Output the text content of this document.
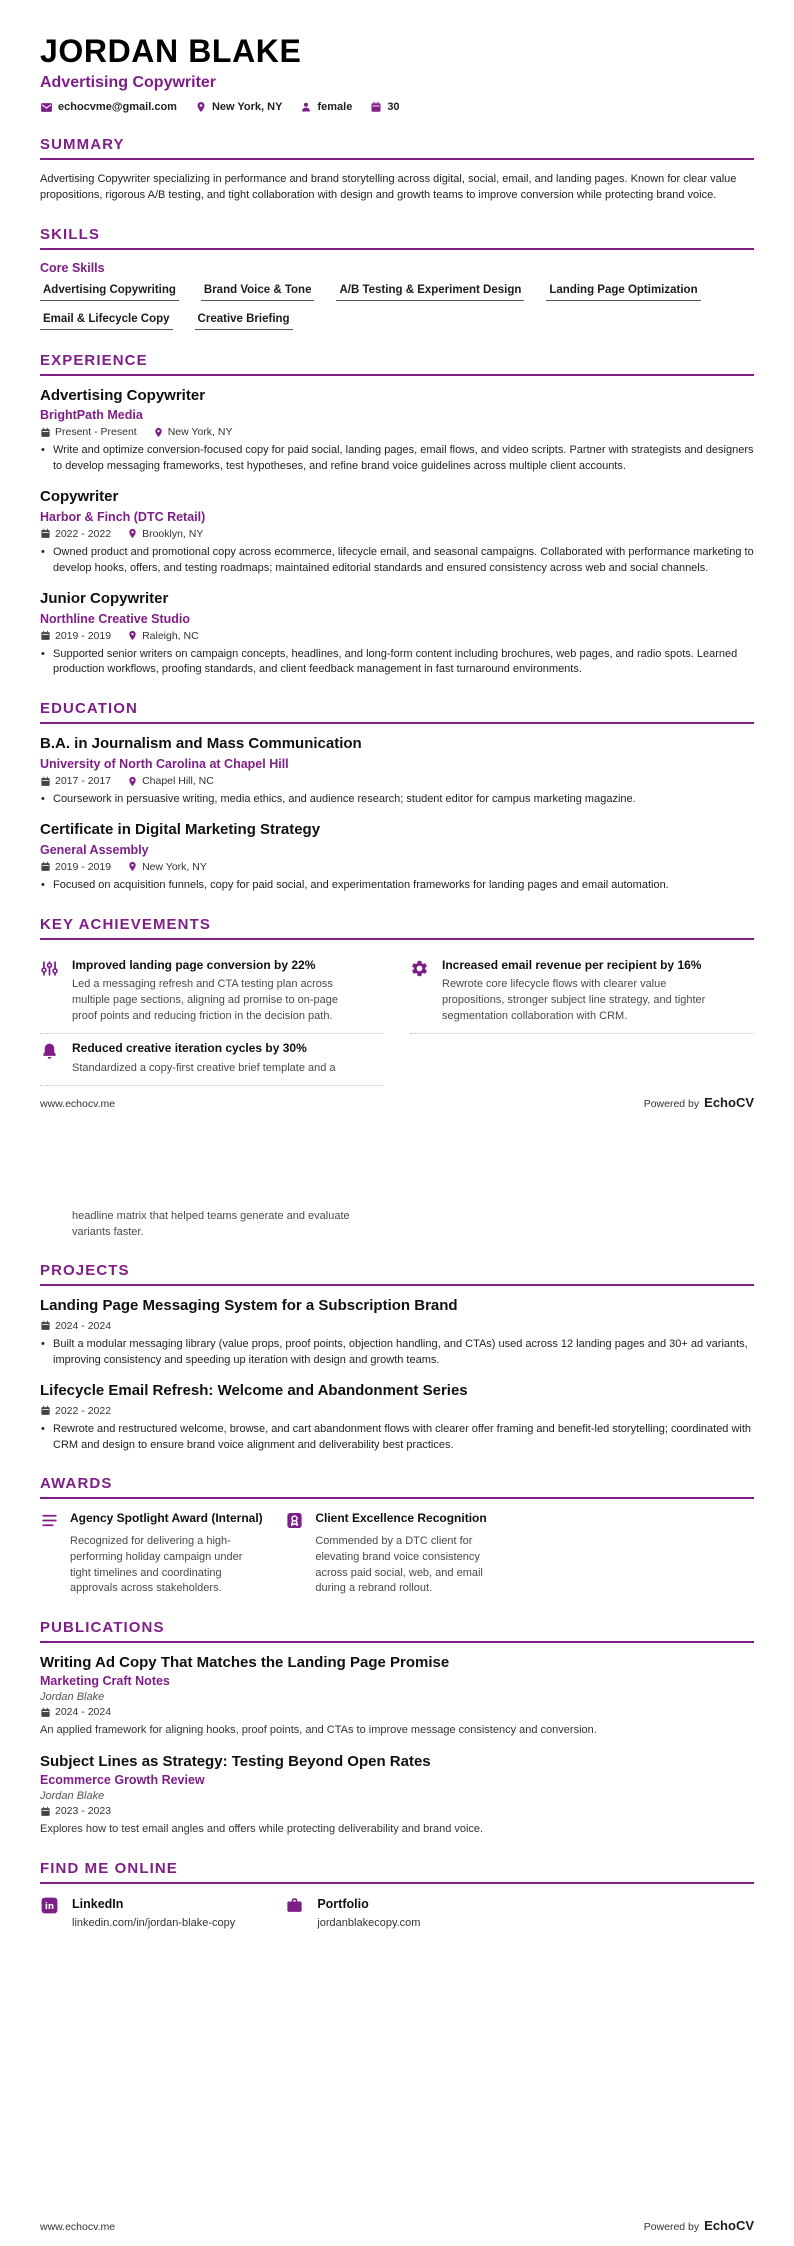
JORDAN BLAKE
Advertising Copywriter
echocvme@gmail.com	New York, NY	female	30
SUMMARY
Advertising Copywriter specializing in performance and brand storytelling across digital, social, email, and landing pages. Known for clear value propositions, rigorous A/B testing, and tight collaboration with design and growth teams to improve conversion while protecting brand voice.
SKILLS
Core Skills
Advertising Copywriting Brand Voice & Tone A/B Testing & Experiment Design Landing Page Optimization
Email & Lifecycle Copy Creative Briefing
EXPERIENCE
Advertising Copywriter
BrightPath Media
Present - Present	New York, NY
• Write and optimize conversion-focused copy for paid social, landing pages, email flows, and video scripts. Partner with strategists and designers to develop messaging frameworks, test hypotheses, and refine brand voice guidelines across multiple client accounts.
Copywriter
Harbor & Finch (DTC Retail)
2022 - 2022	Brooklyn, NY
• Owned product and promotional copy across ecommerce, lifecycle email, and seasonal campaigns. Collaborated with performance marketing to develop hooks, offers, and testing roadmaps; maintained editorial standards and ensured consistency across web and social channels.
Junior Copywriter
Northline Creative Studio
2019 - 2019	Raleigh, NC
• Supported senior writers on campaign concepts, headlines, and long-form content including brochures, web pages, and radio spots. Learned production workflows, proofing standards, and client feedback management in fast turnaround environments.
EDUCATION
B.A. in Journalism and Mass Communication
University of North Carolina at Chapel Hill
2017 - 2017	Chapel Hill, NC
• Coursework in persuasive writing, media ethics, and audience research; student editor for campus marketing magazine.
Certificate in Digital Marketing Strategy
General Assembly
2019 - 2019	New York, NY
• Focused on acquisition funnels, copy for paid social, and experimentation frameworks for landing pages and email automation.
KEY ACHIEVEMENTS
Improved landing page conversion by 22%
Led a messaging refresh and CTA testing plan across multiple page sections, aligning ad promise to on-page proof points and reducing friction in the decision path.
Increased email revenue per recipient by 16%
Rewrote core lifecycle flows with clearer value propositions, stronger subject line strategy, and tighter segmentation collaboration with CRM.
Reduced creative iteration cycles by 30%
Standardized a copy-first creative brief template and a
www.echocv.me	Powered by EchoCV
headline matrix that helped teams generate and evaluate variants faster.
PROJECTS
Landing Page Messaging System for a Subscription Brand
2024 - 2024
• Built a modular messaging library (value props, proof points, objection handling, and CTAs) used across 12 landing pages and 30+ ad variants, improving consistency and speeding up iteration with design and growth teams.
Lifecycle Email Refresh: Welcome and Abandonment Series
2022 - 2022
• Rewrote and restructured welcome, browse, and cart abandonment flows with clearer offer framing and benefit-led storytelling; coordinated with CRM and design to ensure brand voice alignment and deliverability best practices.
AWARDS
Agency Spotlight Award (Internal)
Recognized for delivering a high-performing holiday campaign under tight timelines and coordinating approvals across stakeholders.
Client Excellence Recognition
Commended by a DTC client for elevating brand voice consistency across paid social, web, and email during a rebrand rollout.
PUBLICATIONS
Writing Ad Copy That Matches the Landing Page Promise
Marketing Craft Notes
Jordan Blake
2024 - 2024
An applied framework for aligning hooks, proof points, and CTAs to improve message consistency and conversion.
Subject Lines as Strategy: Testing Beyond Open Rates
Ecommerce Growth Review
Jordan Blake
2023 - 2023
Explores how to test email angles and offers while protecting deliverability and brand voice.
FIND ME ONLINE
in LinkedIn
linkedin.com/in/jordan-blake-copy
Portfolio
jordanblakecopy.com
www.echocv.me	Powered by EchoCV
